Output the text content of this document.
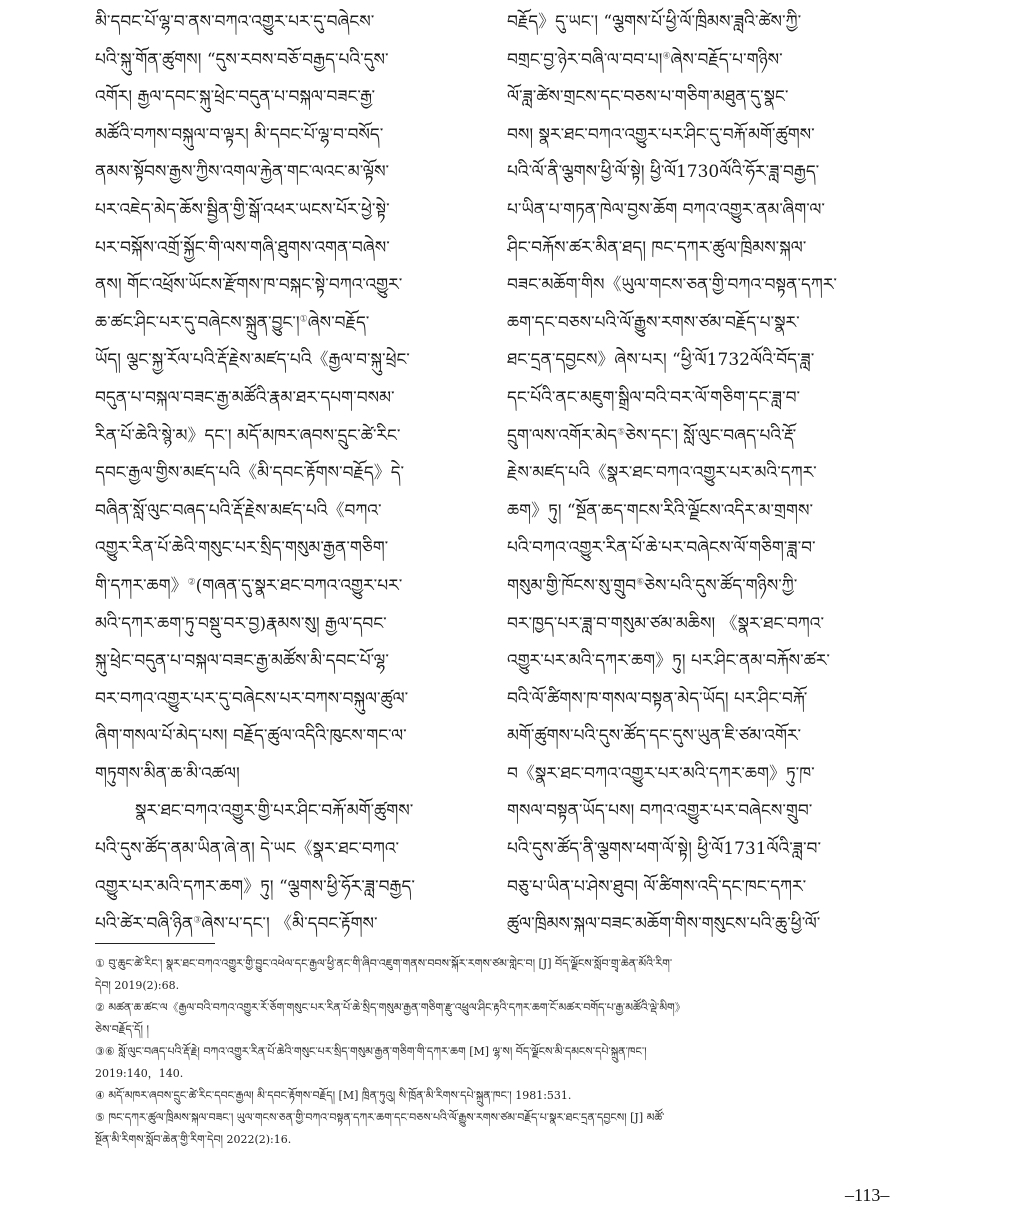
མི་དབང་པོ་ལྷ་བ་ནས་བཀའ་འགྱུར་པར་དུ་བཞེངས་
པའི་སྐུ་གོན་ཚུགས། “དུས་རབས་བཅོ་བརྒྱད་པའི་དུས་
འགོར། རྒྱལ་དབང་སྐུ་ཕྲེང་བདུན་པ་བསྐལ་བཟང་རྒྱ་
མཚོའི་བཀས་བསྐུལ་བ་ལྟར། མི་དབང་པོ་ལྷ་བ་བསོད་
ནམས་སྟོབས་རྒྱས་ཀྱིས་འགལ་རྐྱེན་གང་ལའང་མ་ལྟོས་
པར་འཇེད་མེད་ཆོས་སྦྱིན་གྱི་སྒོ་འཕར་ཡངས་པོར་ཕྱེ་སྟེ་
པར་བསྐོས་འགྲོ་སྐྱོང་གི་ལས་གཞི་ཐུགས་འགན་བཞེས་
ནས། གོང་འཕྲོས་ཡོངས་རྫོགས་ཁ་བསྐང་སྟེ་བཀའ་འགྱུར་
ཆ་ཚང་ཤིང་པར་དུ་བཞེངས་སྐྲུན་བྱུང་།①ཞེས་བརྗོད་
ཡོད། ལྕང་སྐྱ་རོལ་པའི་རྡོ་རྗེས་མཛད་པའི《རྒྱལ་བ་སྐུ་ཕྲེང་
བདུན་པ་བསྐལ་བཟང་རྒྱ་མཚོའི་རྣམ་ཐར་དཔག་བསམ་
རིན་པོ་ཆེའི་སྙེ་མ》དང་། མདོ་མཁར་ཞབས་དྲུང་ཚེ་རིང་
དབང་རྒྱལ་གྱིས་མཛད་པའི《མི་དབང་རྟོགས་བརྗོད》དེ་
བཞིན་སློ་ལུང་བཞད་པའི་རྡོ་རྗེས་མཛད་པའི《བཀའ་
འགྱུར་རིན་པོ་ཆེའི་གསུང་པར་སྲིད་གསུམ་རྒྱན་གཅིག་
གི་དཀར་ཆག》②(གཞན་དུ་སྣར་ཐང་བཀའ་འགྱུར་པར་
མའི་དཀར་ཆག་ཏུ་བསྡུ་བར་བྱ)རྣམས་སུ། རྒྱལ་དབང་
སྐུ་ཕྲེང་བདུན་པ་བསྐལ་བཟང་རྒྱ་མཚོས་མི་དབང་པོ་ལྷ་
བར་བཀའ་འགྱུར་པར་དུ་བཞེངས་པར་བཀས་བསྐུལ་ཚུལ་
ཞིག་གསལ་པོ་མེད་པས། བརྗོད་ཚུལ་འདིའི་ཁུངས་གང་ལ་
གཏུགས་མིན་ཆ་མི་འཚལ།
སྣར་ཐང་བཀའ་འགྱུར་གྱི་པར་ཤིང་བརྐོ་མགོ་ཚུགས་
པའི་དུས་ཚོད་ནམ་ཡིན་ཞེ་ན། དེ་ཡང《སྣར་ཐང་བཀའ་
འགྱུར་པར་མའི་དཀར་ཆག》ཏུ། “ལྕགས་ཕྱི་ཧོར་ཟླ་བརྒྱད་
པའི་ཚེར་བཞི་ཉིན③ཞེས་པ་དང་། 《མི་དབང་རྟོགས་
བརྗོད》དུ་ཡང་། “ལྕགས་པོ་ཕྱི་ལོ་ཁྲིམས་ཟླའི་ཚེས་ཀྱི་
བགྲང་བྱ་ཉེར་བཞི་ལ་བབ་པ།④ཞེས་བརྗོད་པ་གཉིས་
ལོ་ཟླ་ཚེས་གྲངས་དང་བཅས་པ་གཅིག་མཐུན་དུ་སྣང་
བས། སྣར་ཐང་བཀའ་འགྱུར་པར་ཤིང་དུ་བརྐོ་མགོ་ཚུགས་
པའི་ལོ་ནི་ལྕགས་ཕྱི་ལོ་སྟེ། ཕྱི་ལོ1730ལོའི་ཧོར་ཟླ་བརྒྱད་
པ་ཡིན་པ་གཏན་ཁེལ་བྱས་ཆོག བཀའ་འགྱུར་ནམ་ཞིག་ལ་
ཤིང་བརྐོས་ཚར་མིན་ཐད། ཁང་དཀར་ཚུལ་ཁྲིམས་སྐལ་
བཟང་མཆོག་གིས《ཡུལ་གངས་ཅན་གྱི་བཀའ་བསྟན་དཀར་
ཆག་དང་བཅས་པའི་ལོ་རྒྱུས་རགས་ཙམ་བརྗོད་པ་སྣར་
ཐང་དྲན་དབྱངས》ཞེས་པར། “ཕྱི་ལོ1732ལོའི་བོད་ཟླ་
དང་པོའི་ནང་མཇུག་སྒྲིལ་བའི་བར་ལོ་གཅིག་དང་ཟླ་བ་
དྲུག་ལས་འགོར་མེད⑤ཅེས་དང་། སློ་ལུང་བཞད་པའི་རྡོ་
རྗེས་མཛད་པའི《སྣར་ཐང་བཀའ་འགྱུར་པར་མའི་དཀར་
ཆག》ཏུ། “སྔོན་ཆད་གངས་རིའི་ལྗོངས་འདིར་མ་གྲགས་
པའི་བཀའ་འགྱུར་རིན་པོ་ཆེ་པར་བཞེངས་ལོ་གཅིག་ཟླ་བ་
གསུམ་གྱི་ཁོངས་སུ་གྲུབ⑥ཅེས་པའི་དུས་ཚོད་གཉིས་ཀྱི་
བར་ཁྱད་པར་ཟླ་བ་གསུམ་ཙམ་མཆིས། 《སྣར་ཐང་བཀའ་
འགྱུར་པར་མའི་དཀར་ཆག》ཏུ། པར་ཤིང་ནམ་བརྐོས་ཚར་
བའི་ལོ་ཚིགས་ཁ་གསལ་བསྟན་མེད་ཡོད། པར་ཤིང་བརྐོ་
མགོ་ཚུགས་པའི་དུས་ཚོད་དང་དུས་ཡུན་ཇི་ཙམ་འགོར་
བ《སྣར་ཐང་བཀའ་འགྱུར་པར་མའི་དཀར་ཆག》ཏུ་ཁ་
གསལ་བསྟན་ཡོད་པས། བཀའ་འགྱུར་པར་བཞེངས་གྲུབ་
པའི་དུས་ཚོད་ནི་ལྕགས་ཕག་ལོ་སྟེ། ཕྱི་ལོ1731ལོའི་ཟླ་བ་
བཅུ་པ་ཡིན་པ་ཤེས་ཐུབ། ལོ་ཚིགས་འདི་དང་ཁང་དཀར་
ཚུལ་ཁྲིམས་སྐལ་བཟང་མཆོག་གིས་གསུངས་པའི་ཆུ་ཕྱི་ལོ་
① བུ་ཆུང་ཚེ་རིང་། སྣར་ཐང་བཀའ་འགྱུར་གྱི་བྱུང་འཕེལ་དང་རྒྱལ་ཕྱི་ནང་གི་ཞིབ་འཇུག་གནས་བབས་སྐོར་རགས་ཙམ་གླེང་བ། [J] བོད་ལྗོངས་སློབ་གྲྭ་ཆེན་མོའི་རིག་
དེབ། 2019(2):68.
② མཚན་ཆ་ཚང་ལ《རྒྱལ་བའི་བཀའ་འགྱུར་རོ་ཅོག་གསུང་པར་རིན་པོ་ཆེ་སྲིད་གསུམ་རྒྱན་གཅིག་རྫུ་འཕྲུལ་ཤིང་རྟའི་དཀར་ཆག་ངོ་མཚར་བགོད་པ་རྒྱ་མཚོའི་ལྡེ་མིག》
ཅེས་བརྗོད་དོ། །
③⑥ སློ་ལུང་བཞད་པའི་རྡོ་རྗེ། བཀའ་འགྱུར་རིན་པོ་ཆེའི་གསུང་པར་སྲིད་གསུམ་རྒྱན་གཅིག་གི་དཀར་ཆག [M] ལྷ་ས། བོད་ལྗོངས་མི་དམངས་དཔེ་སྐྲུན་ཁང་།
2019:140，140.
④ མདོ་མཁར་ཞབས་དྲུང་ཚེ་རིང་དབང་རྒྱལ། མི་དབང་རྟོགས་བརྗོད། [M] ཁྲིན་ཏུའུ། སི་ཁྲོན་མི་རིགས་དཔེ་སྐྲུན་ཁང་། 1981:531.
⑤ ཁང་དཀར་ཚུལ་ཁྲིམས་སྐལ་བཟང་། ཡུལ་གངས་ཅན་གྱི་བཀའ་བསྟན་དཀར་ཆག་དང་བཅས་པའི་ལོ་རྒྱུས་རགས་ཙམ་བརྗོད་པ་སྣར་ཐང་དྲན་དབྱངས། [J] མཚོ་
སྔོན་མི་རིགས་སློབ་ཆེན་གྱི་རིག་དེབ། 2022(2):16.
–113–
